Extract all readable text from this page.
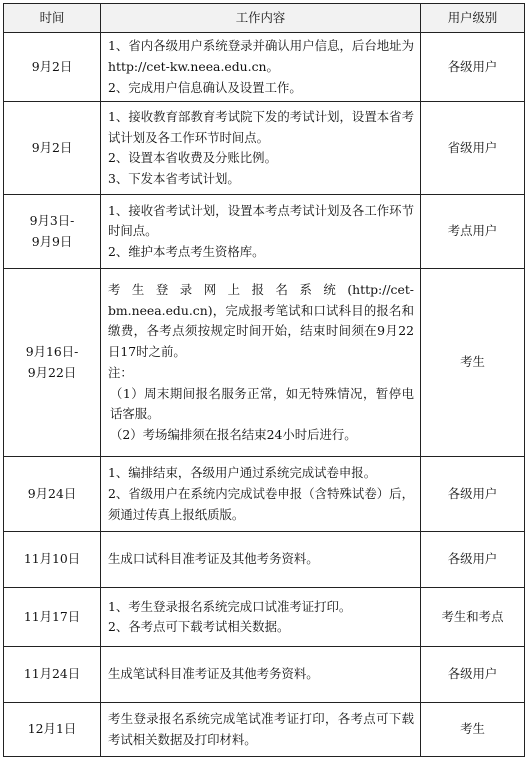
时间	工作内容	用户级别

9月2日	1、省内各级用户系统登录并确认用户信息，后台地址为 http://cet-kw.neea.edu.cn。
2、完成用户信息确认及设置工作。	各级用户

9月2日	1、接收教育部教育考试院下发的考试计划，设置本省考试计划及各工作环节时间点。
2、设置本省收费及分账比例。
3、下发本省考试计划。	省级用户

9月3日-
9月9日	1、接收省考试计划，设置本考点考试计划及各工作环节时间点。
2、维护本考点考生资格库。	考点用户

9月16日-
9月22日	考生登录网上报名系统(http://cet-bm.neea.edu.cn)，完成报考笔试和口试科目的报名和缴费，各考点须按规定时间开始，结束时间须在9月22日17时之前。
注：
（1）周末期间报名服务正常，如无特殊情况，暂停电话客服。
（2）考场编排须在报名结束24小时后进行。	考生

9月24日	1、编排结束，各级用户通过系统完成试卷申报。
2、省级用户在系统内完成试卷申报（含特殊试卷）后，须通过传真上报纸质版。	各级用户

11月10日	生成口试科目准考证及其他考务资料。	各级用户

11月17日	1、考生登录报名系统完成口试准考证打印。
2、各考点可下载考试相关数据。	考生和考点

11月24日	生成笔试科目准考证及其他考务资料。	各级用户

12月1日	考生登录报名系统完成笔试准考证打印，各考点可下载考试相关数据及打印材料。	考生
